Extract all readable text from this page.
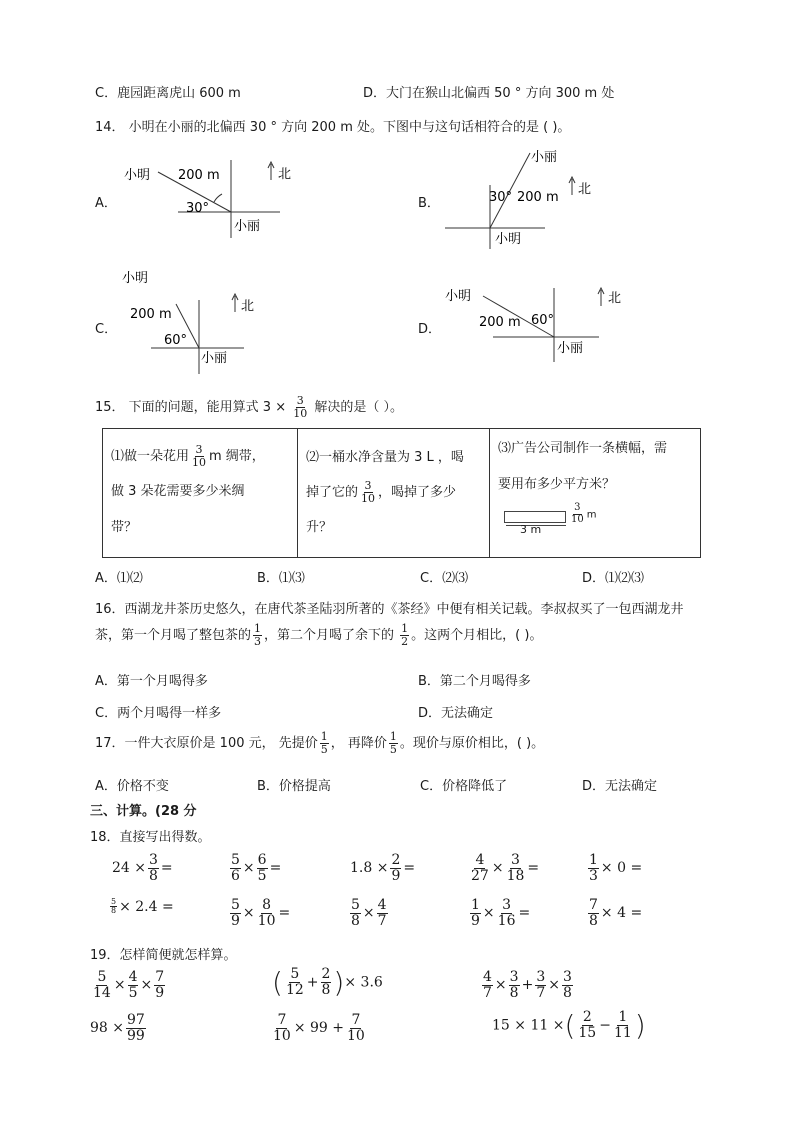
C．鹿园距离虎山 600 m	D．大门在猴山北偏西 50 ° 方向 300 m 处
14． 小明在小丽的北偏西 30 ° 方向 200 m 处。下图中与这句话相符合的是 ( )。
A．
小明 200 m
30°
小丽
北
B．
小丽
30° 200 m
小明
北
C．
小明
200 m
60°
小丽
北
D．
小明
200 m 60°
小丽
北
15． 下面的问题，能用算式 $3 \times \frac{3}{10}$ 解决的是（ ）。
⑴做一朵花用 $\frac{3}{10}$ m 绸带，
做 3 朵花需要多少米绸
带？

⑵一桶水净含量为 3 L ，喝
掉了它的 $\frac{3}{10}$ ，喝掉了多少
升？

⑶广告公司制作一条横幅，需
要用布多少平方米？
$\frac{3}{10}$ m
3 m
A．⑴⑵	B．⑴⑶	C．⑵⑶	D．⑴⑵⑶
16．西湖龙井茶历史悠久，在唐代茶圣陆羽所著的《茶经》中便有相关记载。李叔叔买了一包西湖龙井
茶，第一个月喝了整包茶的 $\frac{1}{3}$ ，第二个月喝了余下的 $\frac{1}{2}$ 。这两个月相比，( )。
A．第一个月喝得多	B．第二个月喝得多
C．两个月喝得一样多	D．无法确定
17．一件大衣原价是 100 元， 先提价 $\frac{1}{5}$ ， 再降价 $\frac{1}{5}$ 。现价与原价相比，( )。
A．价格不变	B．价格提高	C．价格降低了	D．无法确定
三、计算。(28 分
18．直接写出得数。
$24 \times \frac{3}{8}$ =	$\frac{5}{6} \times \frac{6}{5}$ =	$1.8 \times \frac{2}{9}$ =	$\frac{4}{27} \times \frac{3}{18}$ =	$\frac{1}{3} \times 0$ =
$\frac{5}{8} \times 2.4$ =	$\frac{5}{9} \times \frac{8}{10}$ =	$\frac{5}{8} \times \frac{4}{7}$	$\frac{1}{9} \times \frac{3}{16}$ =	$\frac{7}{8} \times 4$ =
19．怎样简便就怎样算。
$\frac{5}{14} \times \frac{4}{5} \times \frac{7}{9}$	( $\frac{5}{12} + \frac{2}{8}$ )× 3.6	$\frac{4}{7} \times \frac{3}{8} + \frac{3}{7} \times \frac{3}{8}$
$98 \times \frac{97}{99}$	$\frac{7}{10} \times 99 + \frac{7}{10}$	15 × 11 ×( $\frac{2}{15} - \frac{1}{11}$ )
